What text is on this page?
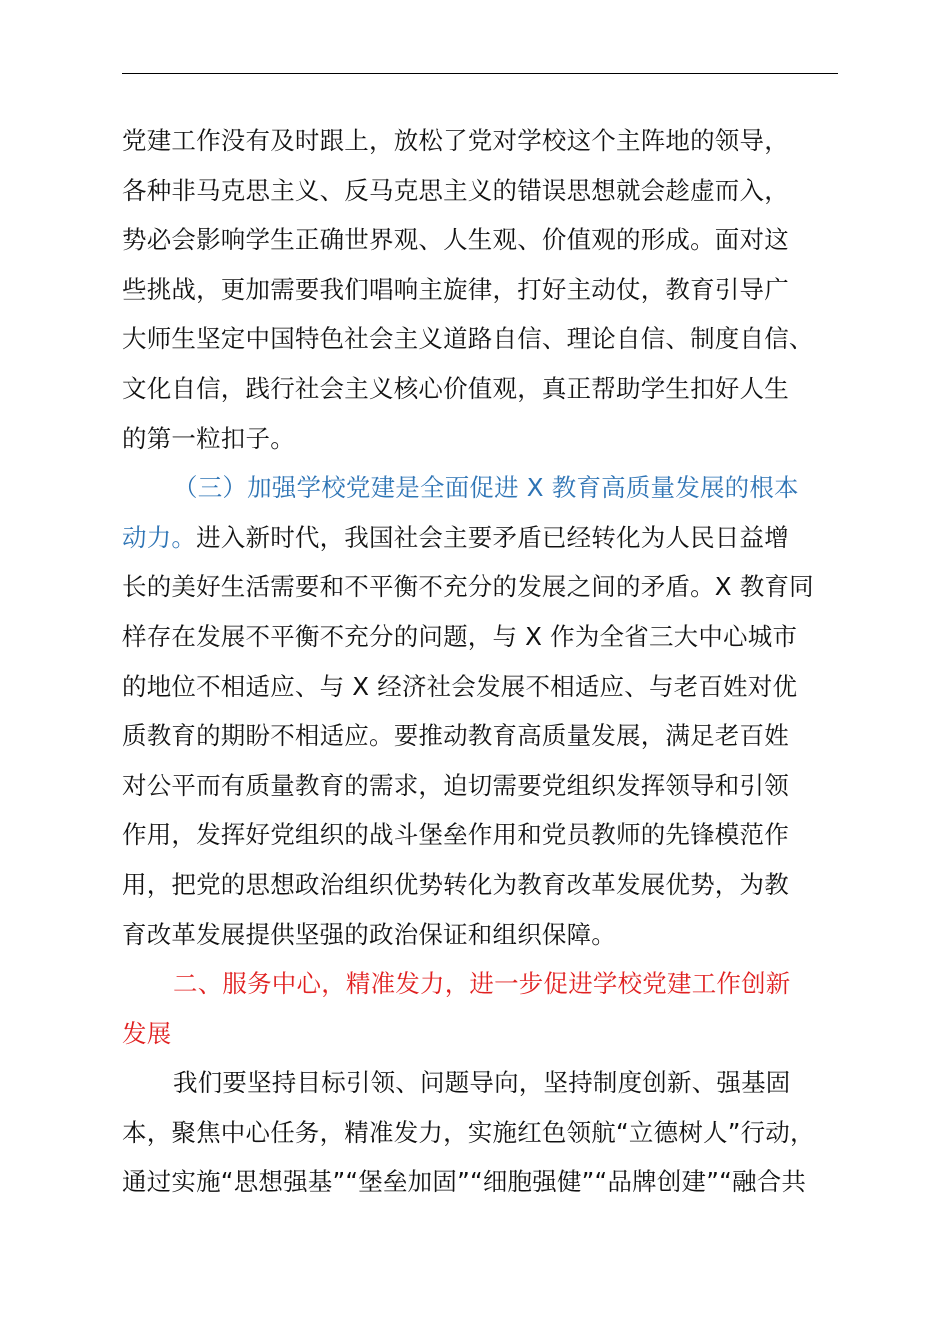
党建工作没有及时跟上，放松了党对学校这个主阵地的领导，
各种非马克思主义、反马克思主义的错误思想就会趁虚而入，
势必会影响学生正确世界观、人生观、价值观的形成。面对这
些挑战，更加需要我们唱响主旋律，打好主动仗，教育引导广
大师生坚定中国特色社会主义道路自信、理论自信、制度自信、
文化自信，践行社会主义核心价值观，真正帮助学生扣好人生
的第一粒扣子。
（三）加强学校党建是全面促进 X 教育高质量发展的根本
动力。进入新时代，我国社会主要矛盾已经转化为人民日益增
长的美好生活需要和不平衡不充分的发展之间的矛盾。X 教育同
样存在发展不平衡不充分的问题，与 X 作为全省三大中心城市
的地位不相适应、与 X 经济社会发展不相适应、与老百姓对优
质教育的期盼不相适应。要推动教育高质量发展，满足老百姓
对公平而有质量教育的需求，迫切需要党组织发挥领导和引领
作用，发挥好党组织的战斗堡垒作用和党员教师的先锋模范作
用，把党的思想政治组织优势转化为教育改革发展优势，为教
育改革发展提供坚强的政治保证和组织保障。
二、服务中心，精准发力，进一步促进学校党建工作创新
发展
我们要坚持目标引领、问题导向，坚持制度创新、强基固
本，聚焦中心任务，精准发力，实施红色领航“立德树人”行动，
通过实施“思想强基”“堡垒加固”“细胞强健”“品牌创建”“融合共
